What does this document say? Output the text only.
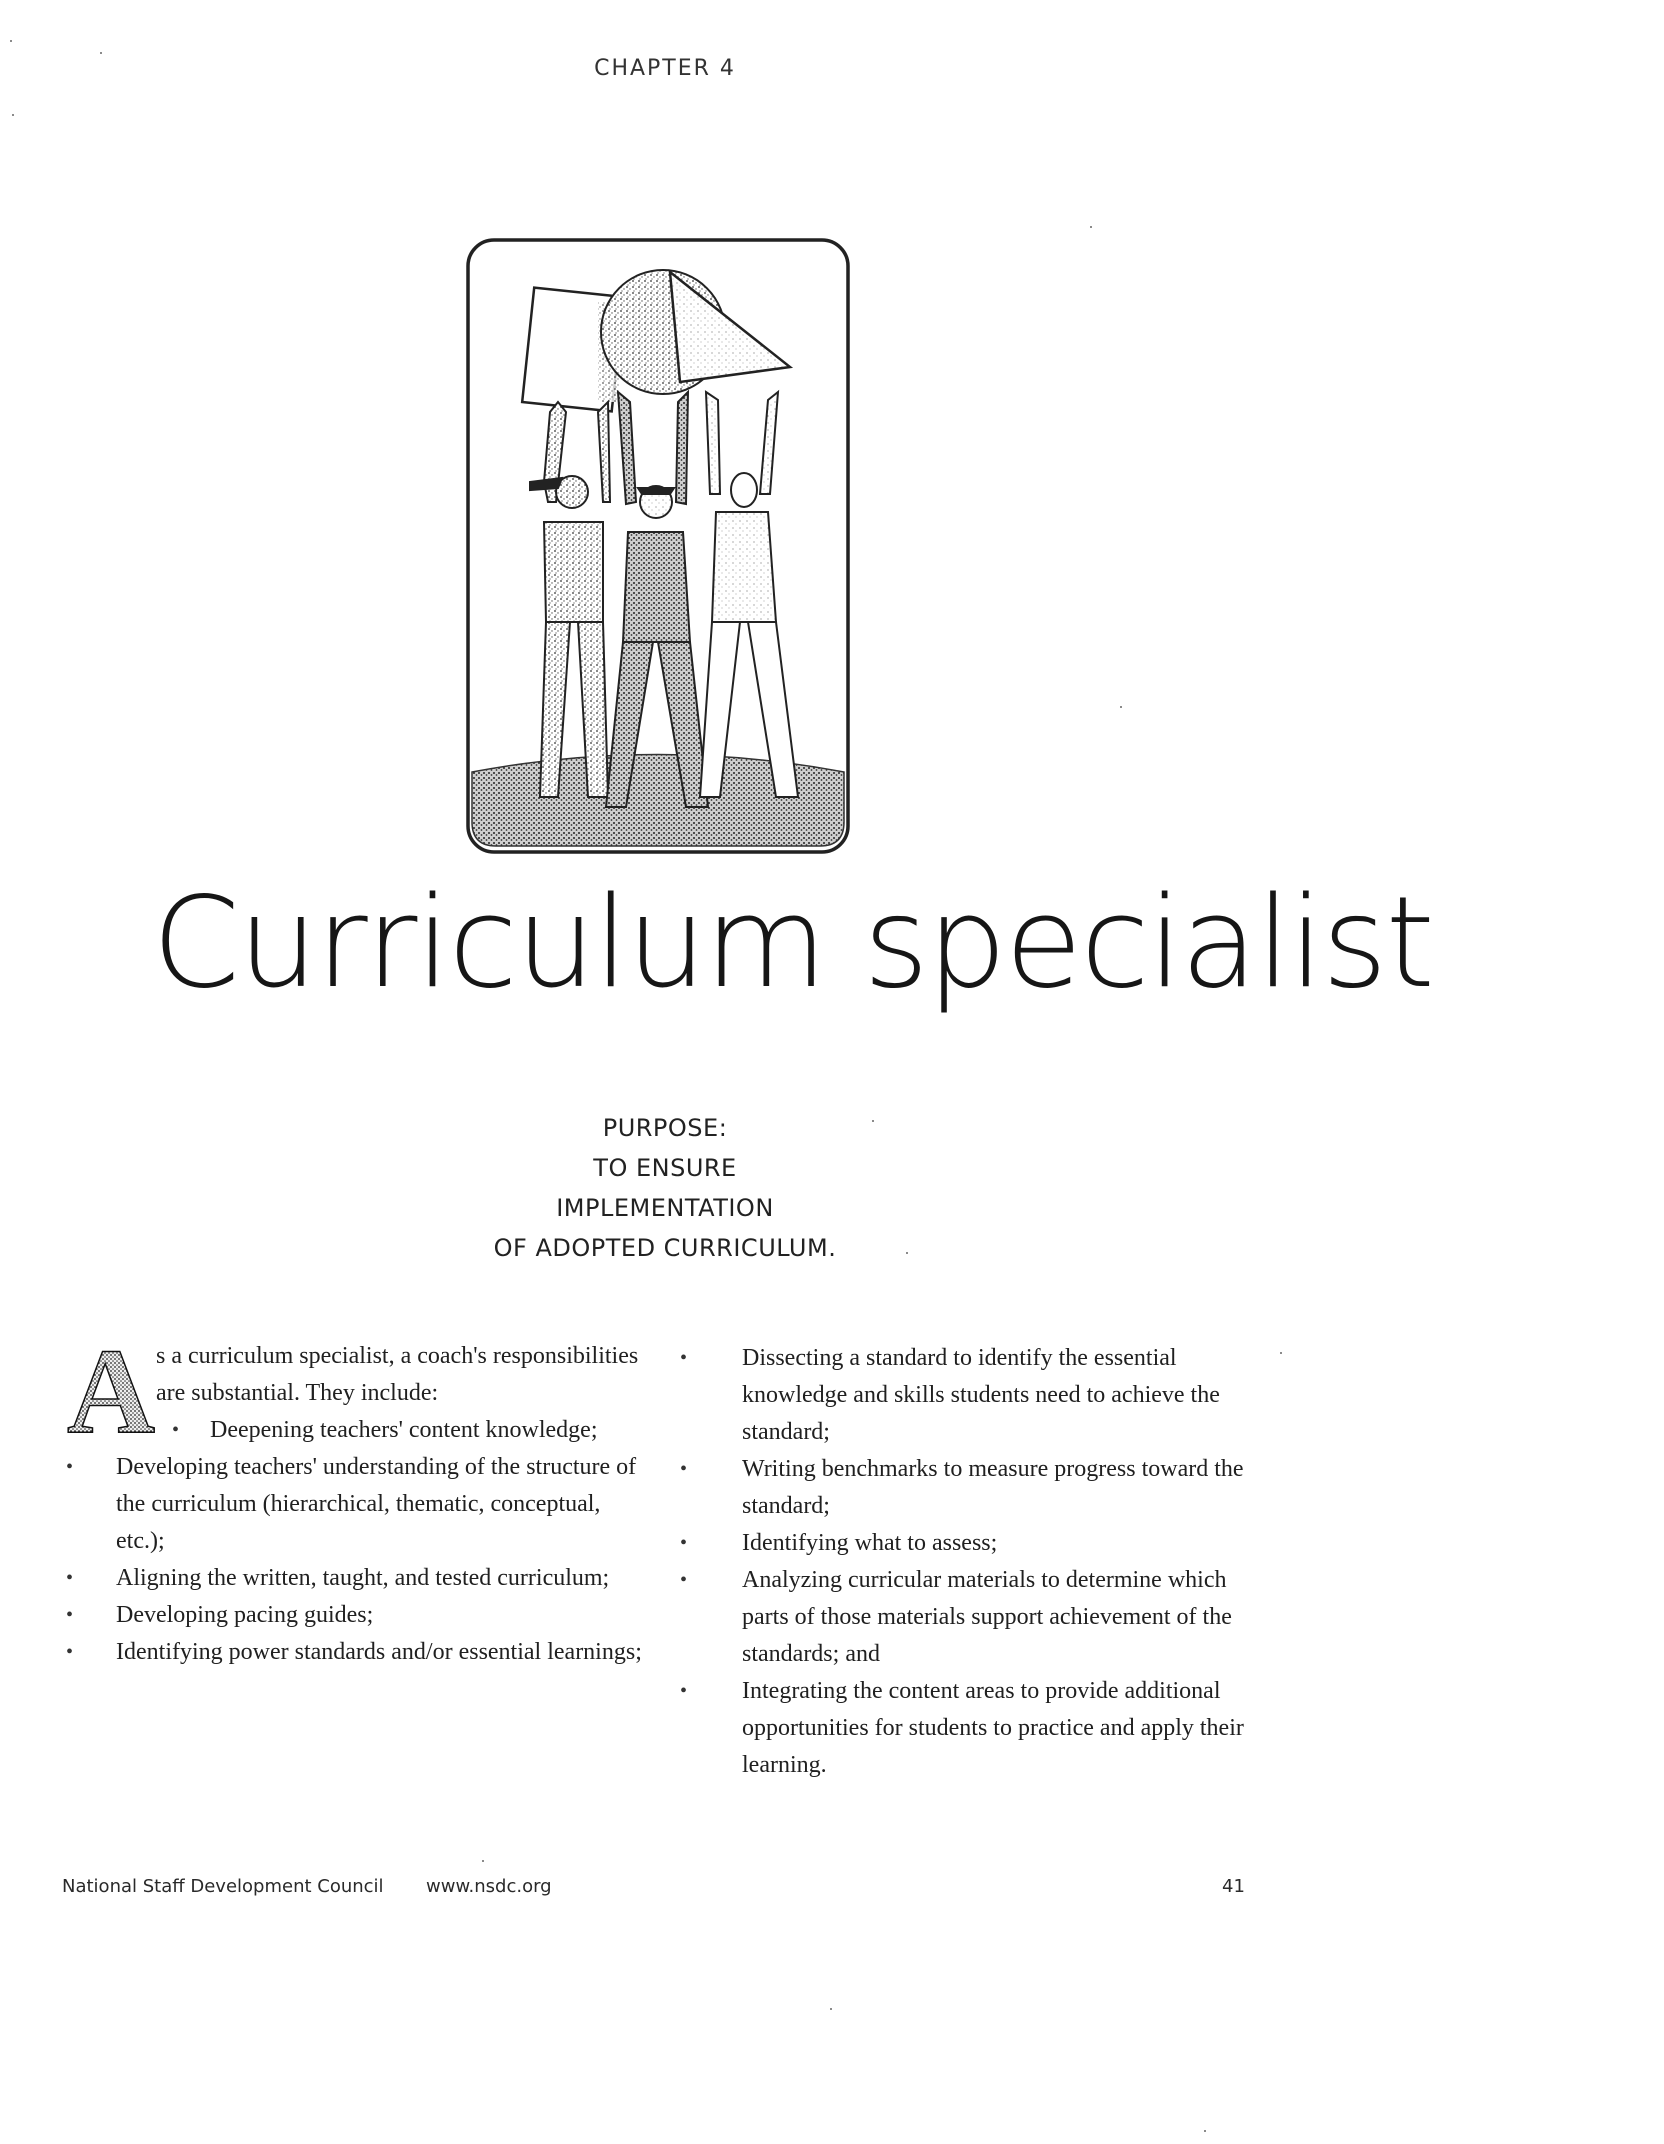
CHAPTER 4
Curriculum specialist
PURPOSE:
TO ENSURE
IMPLEMENTATION
OF ADOPTED CURRICULUM.
A s a curriculum specialist, a coach's responsibilities are substantial. They include:
• Deepening teachers' content knowledge;
• Developing teachers' understanding of the structure of the curriculum (hierarchical, thematic, conceptual, etc.);
• Aligning the written, taught, and tested curriculum;
• Developing pacing guides;
• Identifying power standards and/or essential learnings;
• Dissecting a standard to identify the essential knowledge and skills students need to achieve the standard;
• Writing benchmarks to measure progress toward the standard;
• Identifying what to assess;
• Analyzing curricular materials to determine which parts of those materials support achievement of the standards; and
• Integrating the content areas to provide additional opportunities for students to practice and apply their learning.
National Staff Development Council www.nsdc.org	41
